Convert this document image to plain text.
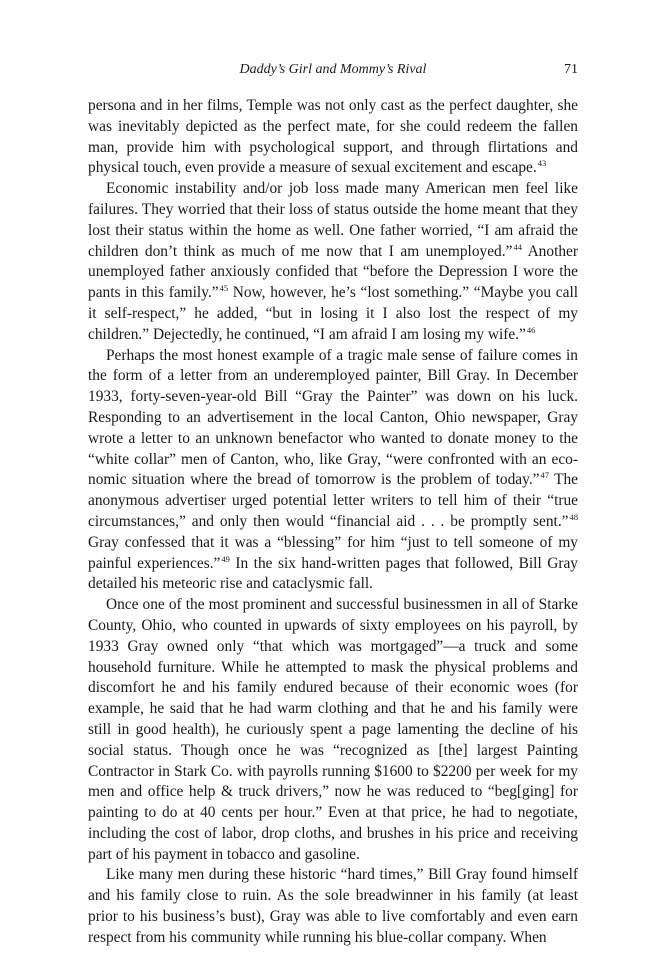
Daddy’s Girl and Mommy’s Rival	71

persona and in her films, Temple was not only cast as the perfect daughter, she was inevitably depicted as the perfect mate, for she could redeem the fallen man, provide him with psychological support, and through flirtations and physical touch, even provide a measure of sexual excitement and escape.$^{43}$

Economic instability and/or job loss made many American men feel like failures. They worried that their loss of status outside the home meant that they lost their status within the home as well. One father worried, “I am afraid the children don’t think as much of me now that I am unemployed.”$^{44}$ Another unemployed father anxiously confided that “before the Depression I wore the pants in this family.”$^{45}$ Now, however, he’s “lost something.” “Maybe you call it self-respect,” he added, “but in losing it I also lost the respect of my children.” Dejectedly, he continued, “I am afraid I am losing my wife.”$^{46}$

Perhaps the most honest example of a tragic male sense of failure comes in the form of a letter from an underemployed painter, Bill Gray. In December 1933, forty-seven-year-old Bill “Gray the Painter” was down on his luck. Responding to an advertisement in the local Canton, Ohio newspaper, Gray wrote a letter to an unknown benefactor who wanted to donate money to the “white collar” men of Canton, who, like Gray, “were confronted with an economic situation where the bread of tomorrow is the problem of today.”$^{47}$ The anonymous advertiser urged potential letter writers to tell him of their “true circumstances,” and only then would “financial aid . . . be promptly sent.”$^{48}$ Gray confessed that it was a “blessing” for him “just to tell someone of my painful experiences.”$^{49}$ In the six hand-written pages that followed, Bill Gray detailed his meteoric rise and cataclysmic fall.

Once one of the most prominent and successful businessmen in all of Starke County, Ohio, who counted in upwards of sixty employees on his payroll, by 1933 Gray owned only “that which was mortgaged”—a truck and some household furniture. While he attempted to mask the physical problems and discomfort he and his family endured because of their economic woes (for example, he said that he had warm clothing and that he and his family were still in good health), he curiously spent a page lamenting the decline of his social status. Though once he was “recognized as [the] largest Painting Contractor in Stark Co. with payrolls running $1600 to $2200 per week for my men and office help & truck drivers,” now he was reduced to “beg[ging] for painting to do at 40 cents per hour.” Even at that price, he had to negotiate, including the cost of labor, drop cloths, and brushes in his price and receiving part of his payment in tobacco and gasoline.

Like many men during these historic “hard times,” Bill Gray found himself and his family close to ruin. As the sole breadwinner in his family (at least prior to his business’s bust), Gray was able to live comfortably and even earn respect from his community while running his blue-collar company. When
